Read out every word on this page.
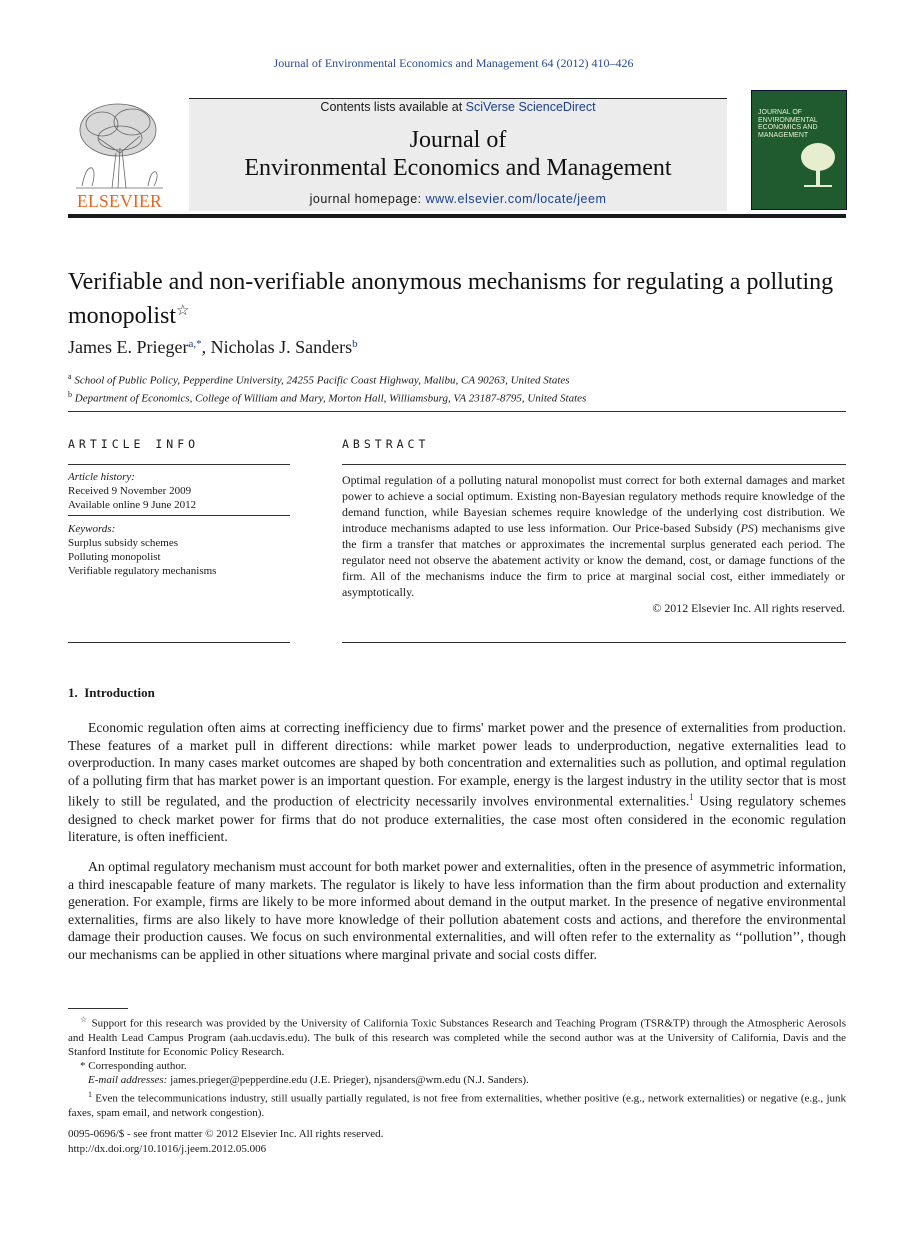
Journal of Environmental Economics and Management 64 (2012) 410–426
ELSEVIER
Contents lists available at SciVerse ScienceDirect
Journal of
Environmental Economics and Management
journal homepage: www.elsevier.com/locate/jeem
JOURNAL OF ENVIRONMENTAL ECONOMICS AND MANAGEMENT
Verifiable and non-verifiable anonymous mechanisms for regulating a polluting monopolist☆
James E. Prieger$^{a,*}$, Nicholas J. Sanders$^b$
$^a$ School of Public Policy, Pepperdine University, 24255 Pacific Coast Highway, Malibu, CA 90263, United States
$^b$ Department of Economics, College of William and Mary, Morton Hall, Williamsburg, VA 23187-8795, United States
ARTICLE INFO
Article history:
Received 9 November 2009
Available online 9 June 2012
Keywords:
Surplus subsidy schemes
Polluting monopolist
Verifiable regulatory mechanisms
ABSTRACT
Optimal regulation of a polluting natural monopolist must correct for both external damages and market power to achieve a social optimum. Existing non-Bayesian regulatory methods require knowledge of the demand function, while Bayesian schemes require knowledge of the underlying cost distribution. We introduce mechanisms adapted to use less information. Our Price-based Subsidy (PS) mechanisms give the firm a transfer that matches or approximates the incremental surplus generated each period. The regulator need not observe the abatement activity or know the demand, cost, or damage functions of the firm. All of the mechanisms induce the firm to price at marginal social cost, either immediately or asymptotically.
© 2012 Elsevier Inc. All rights reserved.
1.  Introduction
Economic regulation often aims at correcting inefficiency due to firms' market power and the presence of externalities from production. These features of a market pull in different directions: while market power leads to underproduction, negative externalities lead to overproduction. In many cases market outcomes are shaped by both concentration and externalities such as pollution, and optimal regulation of a polluting firm that has market power is an important question. For example, energy is the largest industry in the utility sector that is most likely to still be regulated, and the production of electricity necessarily involves environmental externalities.$^1$ Using regulatory schemes designed to check market power for firms that do not produce externalities, the case most often considered in the economic regulation literature, is often inefficient.
An optimal regulatory mechanism must account for both market power and externalities, often in the presence of asymmetric information, a third inescapable feature of many markets. The regulator is likely to have less information than the firm about production and externality generation. For example, firms are likely to be more informed about demand in the output market. In the presence of negative environmental externalities, firms are also likely to have more knowledge of their pollution abatement costs and actions, and therefore the environmental damage their production causes. We focus on such environmental externalities, and will often refer to the externality as ‘‘pollution’’, though our mechanisms can be applied in other situations where marginal private and social costs differ.
☆ Support for this research was provided by the University of California Toxic Substances Research and Teaching Program (TSR&TP) through the Atmospheric Aerosols and Health Lead Campus Program (aah.ucdavis.edu). The bulk of this research was completed while the second author was at the University of California, Davis and the Stanford Institute for Economic Policy Research.
* Corresponding author.
E-mail addresses: james.prieger@pepperdine.edu (J.E. Prieger), njsanders@wm.edu (N.J. Sanders).
$^1$ Even the telecommunications industry, still usually partially regulated, is not free from externalities, whether positive (e.g., network externalities) or negative (e.g., junk faxes, spam email, and network congestion).
0095-0696/$ - see front matter © 2012 Elsevier Inc. All rights reserved.
http://dx.doi.org/10.1016/j.jeem.2012.05.006
